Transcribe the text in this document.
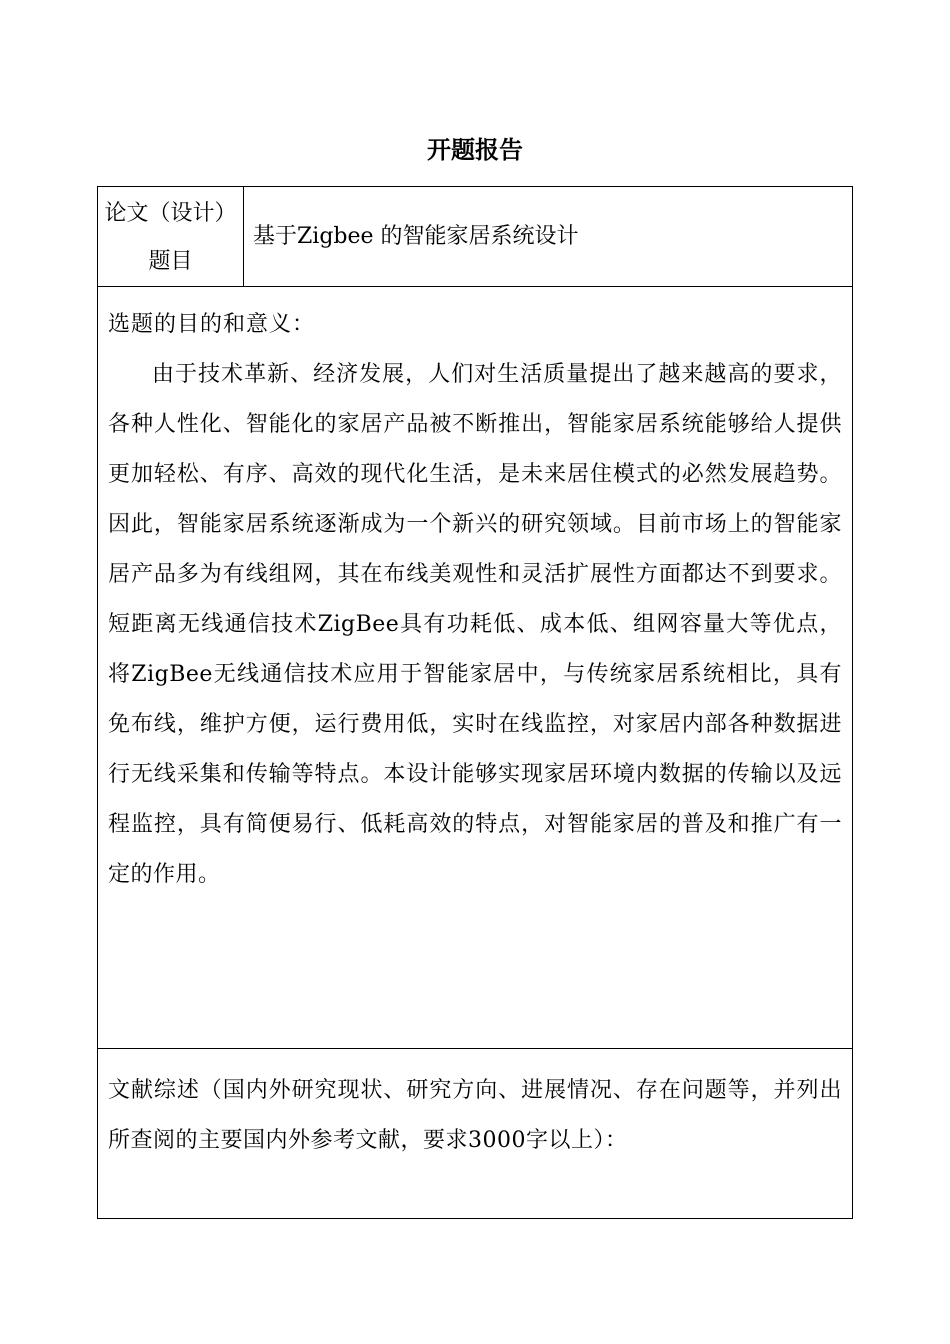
开题报告
论文（设计）题目	基于Zigbee 的智能家居系统设计

选题的目的和意义：

由于技术革新、经济发展，人们对生活质量提出了越来越高的要求，各种人性化、智能化的家居产品被不断推出，智能家居系统能够给人提供更加轻松、有序、高效的现代化生活，是未来居住模式的必然发展趋势。因此，智能家居系统逐渐成为一个新兴的研究领域。目前市场上的智能家居产品多为有线组网，其在布线美观性和灵活扩展性方面都达不到要求。短距离无线通信技术ZigBee具有功耗低、成本低、组网容量大等优点，将ZigBee无线通信技术应用于智能家居中，与传统家居系统相比，具有免布线，维护方便，运行费用低，实时在线监控，对家居内部各种数据进行无线采集和传输等特点。本设计能够实现家居环境内数据的传输以及远程监控，具有简便易行、低耗高效的特点，对智能家居的普及和推广有一定的作用。

文献综述（国内外研究现状、研究方向、进展情况、存在问题等，并列出所查阅的主要国内外参考文献，要求3000字以上）：
